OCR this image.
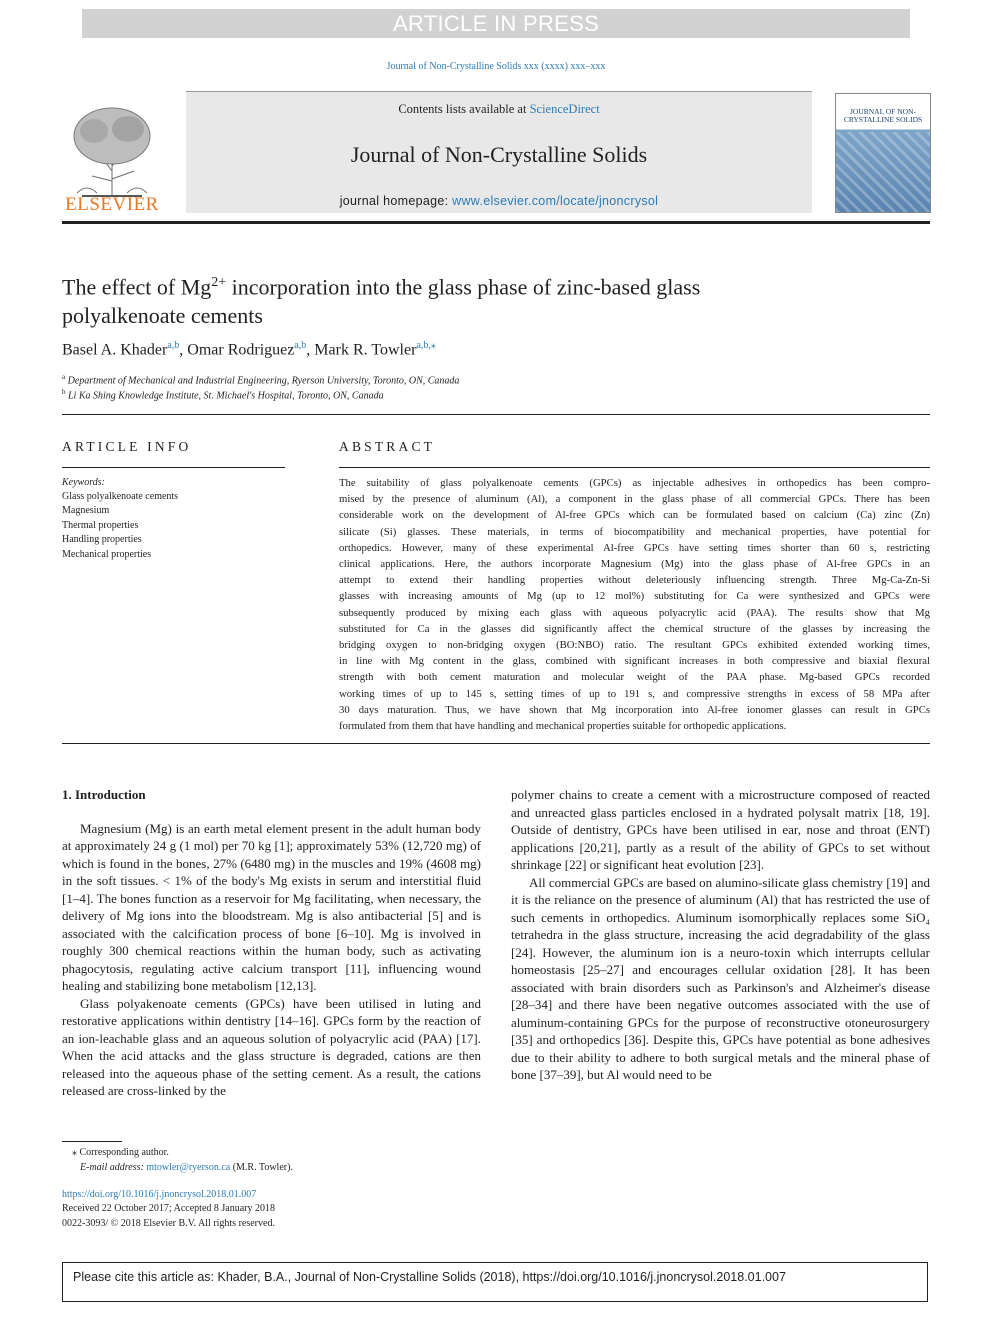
ARTICLE IN PRESS
Journal of Non-Crystalline Solids xxx (xxxx) xxx–xxx
ELSEVIER
Contents lists available at ScienceDirect
Journal of Non-Crystalline Solids
journal homepage: www.elsevier.com/locate/jnoncrysol
JOURNAL OF NON-CRYSTALLINE SOLIDS
The effect of $Mg^{2+}$ incorporation into the glass phase of zinc-based glass
polyalkenoate cements
Basel A. Khader$^{a,b}$, Omar Rodriguez$^{a,b}$, Mark R. Towler$^{a,b,⁎}$
$^a$ Department of Mechanical and Industrial Engineering, Ryerson University, Toronto, ON, Canada
$^b$ Li Ka Shing Knowledge Institute, St. Michael's Hospital, Toronto, ON, Canada
ARTICLE INFO
Keywords:
Glass polyalkenoate cements
Magnesium
Thermal properties
Handling properties
Mechanical properties
ABSTRACT
The suitability of glass polyalkenoate cements (GPCs) as injectable adhesives in orthopedics has been compro-
mised by the presence of aluminum (Al), a component in the glass phase of all commercial GPCs. There has been
considerable work on the development of Al-free GPCs which can be formulated based on calcium (Ca) zinc (Zn)
silicate (Si) glasses. These materials, in terms of biocompatibility and mechanical properties, have potential for
orthopedics. However, many of these experimental Al-free GPCs have setting times shorter than 60 s, restricting
clinical applications. Here, the authors incorporate Magnesium (Mg) into the glass phase of Al-free GPCs in an
attempt to extend their handling properties without deleteriously influencing strength. Three Mg-Ca-Zn-Si
glasses with increasing amounts of Mg (up to 12 mol%) substituting for Ca were synthesized and GPCs were
subsequently produced by mixing each glass with aqueous polyacrylic acid (PAA). The results show that Mg
substituted for Ca in the glasses did significantly affect the chemical structure of the glasses by increasing the
bridging oxygen to non-bridging oxygen (BO:NBO) ratio. The resultant GPCs exhibited extended working times,
in line with Mg content in the glass, combined with significant increases in both compressive and biaxial flexural
strength with both cement maturation and molecular weight of the PAA phase. Mg-based GPCs recorded
working times of up to 145 s, setting times of up to 191 s, and compressive strengths in excess of 58 MPa after
30 days maturation. Thus, we have shown that Mg incorporation into Al-free ionomer glasses can result in GPCs
formulated from them that have handling and mechanical properties suitable for orthopedic applications.

1. Introduction

Magnesium (Mg) is an earth metal element present in the adult human body at approximately 24 g (1 mol) per 70 kg [1]; approximately 53% (12,720 mg) of which is found in the bones, 27% (6480 mg) in the muscles and 19% (4608 mg) in the soft tissues. < 1% of the body's Mg exists in serum and interstitial fluid [1–4]. The bones function as a reservoir for Mg facilitating, when necessary, the delivery of Mg ions into the bloodstream. Mg is also antibacterial [5] and is associated with the calcification process of bone [6–10]. Mg is involved in roughly 300 chemical reactions within the human body, such as activating phagocytosis, regulating active calcium transport [11], influencing wound healing and stabilizing bone metabolism [12,13].

Glass polyakenoate cements (GPCs) have been utilised in luting and restorative applications within dentistry [14–16]. GPCs form by the reaction of an ion-leachable glass and an aqueous solution of polyacrylic acid (PAA) [17]. When the acid attacks and the glass structure is degraded, cations are then released into the aqueous phase of the setting cement. As a result, the cations released are cross-linked by the

polymer chains to create a cement with a microstructure composed of reacted and unreacted glass particles enclosed in a hydrated polysalt matrix [18, 19]. Outside of dentistry, GPCs have been utilised in ear, nose and throat (ENT) applications [20,21], partly as a result of the ability of GPCs to set without shrinkage [22] or significant heat evolution [23].

All commercial GPCs are based on alumino-silicate glass chemistry [19] and it is the reliance on the presence of aluminum (Al) that has restricted the use of such cements in orthopedics. Aluminum isomorphically replaces some SiO₄ tetrahedra in the glass structure, increasing the acid degradability of the glass [24]. However, the aluminum ion is a neuro-toxin which interrupts cellular homeostasis [25–27] and encourages cellular oxidation [28]. It has been associated with brain disorders such as Parkinson's and Alzheimer's disease [28–34] and there have been negative outcomes associated with the use of aluminum-containing GPCs for the purpose of reconstructive otoneurosurgery [35] and orthopedics [36]. Despite this, GPCs have potential as bone adhesives due to their ability to adhere to both surgical metals and the mineral phase of bone [37–39], but Al would need to be

⁎ Corresponding author.
E-mail address: mtowler@ryerson.ca (M.R. Towler).
https://doi.org/10.1016/j.jnoncrysol.2018.01.007
Received 22 October 2017; Accepted 8 January 2018
0022-3093/ © 2018 Elsevier B.V. All rights reserved.
Please cite this article as: Khader, B.A., Journal of Non-Crystalline Solids (2018), https://doi.org/10.1016/j.jnoncrysol.2018.01.007
